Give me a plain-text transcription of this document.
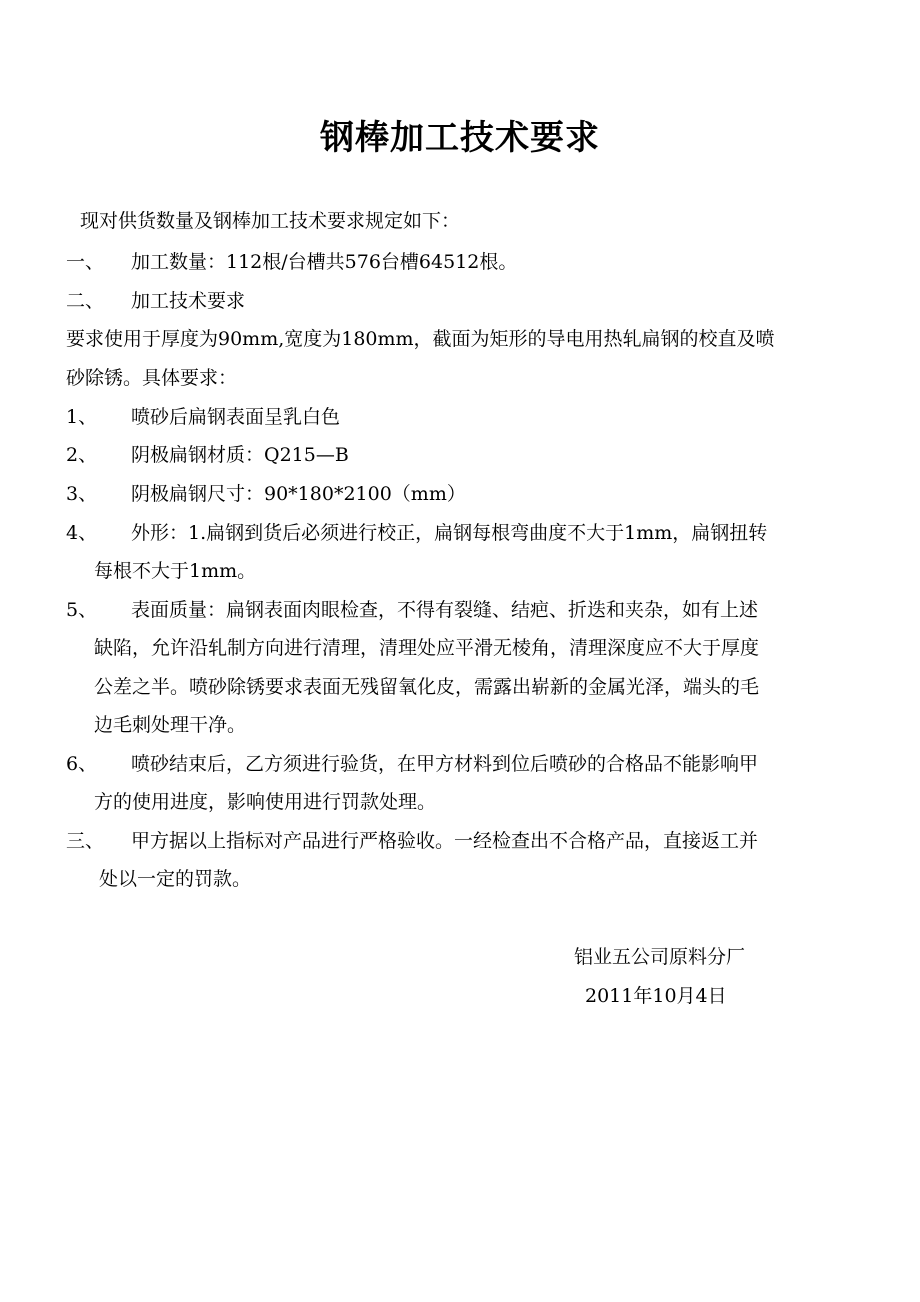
钢棒加工技术要求
现对供货数量及钢棒加工技术要求规定如下：
一、 加工数量：112根/台槽共576台槽64512根。
二、 加工技术要求
要求使用于厚度为90mm,宽度为180mm，截面为矩形的导电用热轧扁钢的校直及喷
砂除锈。具体要求：
1、 喷砂后扁钢表面呈乳白色
2、 阴极扁钢材质：Q215—B
3、 阴极扁钢尺寸：90*180*2100（mm）
4、 外形：1.扁钢到货后必须进行校正，扁钢每根弯曲度不大于1mm，扁钢扭转
每根不大于1mm。
5、 表面质量：扁钢表面肉眼检查，不得有裂缝、结疤、折迭和夹杂，如有上述
缺陷，允许沿轧制方向进行清理，清理处应平滑无棱角，清理深度应不大于厚度
公差之半。喷砂除锈要求表面无残留氧化皮，需露出崭新的金属光泽，端头的毛
边毛刺处理干净。
6、 喷砂结束后，乙方须进行验货，在甲方材料到位后喷砂的合格品不能影响甲
方的使用进度，影响使用进行罚款处理。
三、 甲方据以上指标对产品进行严格验收。一经检查出不合格产品，直接返工并
处以一定的罚款。
铝业五公司原料分厂
2011年10月4日
